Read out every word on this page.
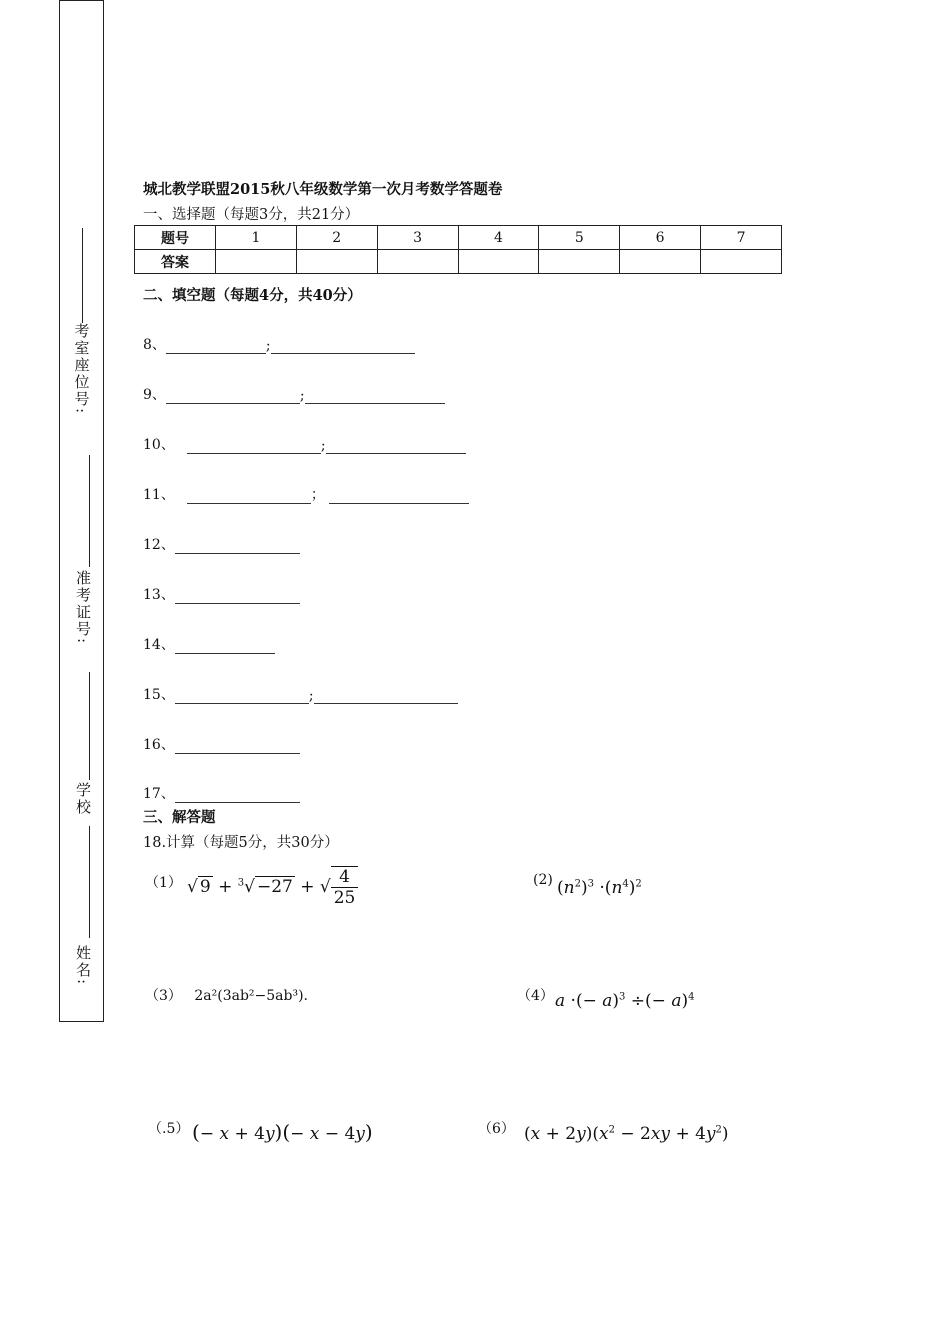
考室座位号:
准考证号:
学校
姓名:
城北教学联盟2015秋八年级数学第一次月考数学答题卷
一、选择题（每题3分，共21分）
题号	1	2	3	4	5	6	7
答案							
二、填空题（每题4分，共40分）
8、	;
9、	;
10、	;
11、	；
12、
13、
14、
15、	;
16、
17、
三、解答题
18.计算（每题5分，共30分）
（1） √ 9 + $^3$√ −27 + √ $\frac{4}{25}$	(2) $(n^2)^3 \cdot(n^4)^2$
（3） 2a²(3ab²−5ab³).	（4） a ·(− a)$^3$ ÷(− a)$^4$
（.5） (− x + 4y)(− x − 4y)	（6） $(x + 2y)(x^2 - 2xy + 4y^2)$
